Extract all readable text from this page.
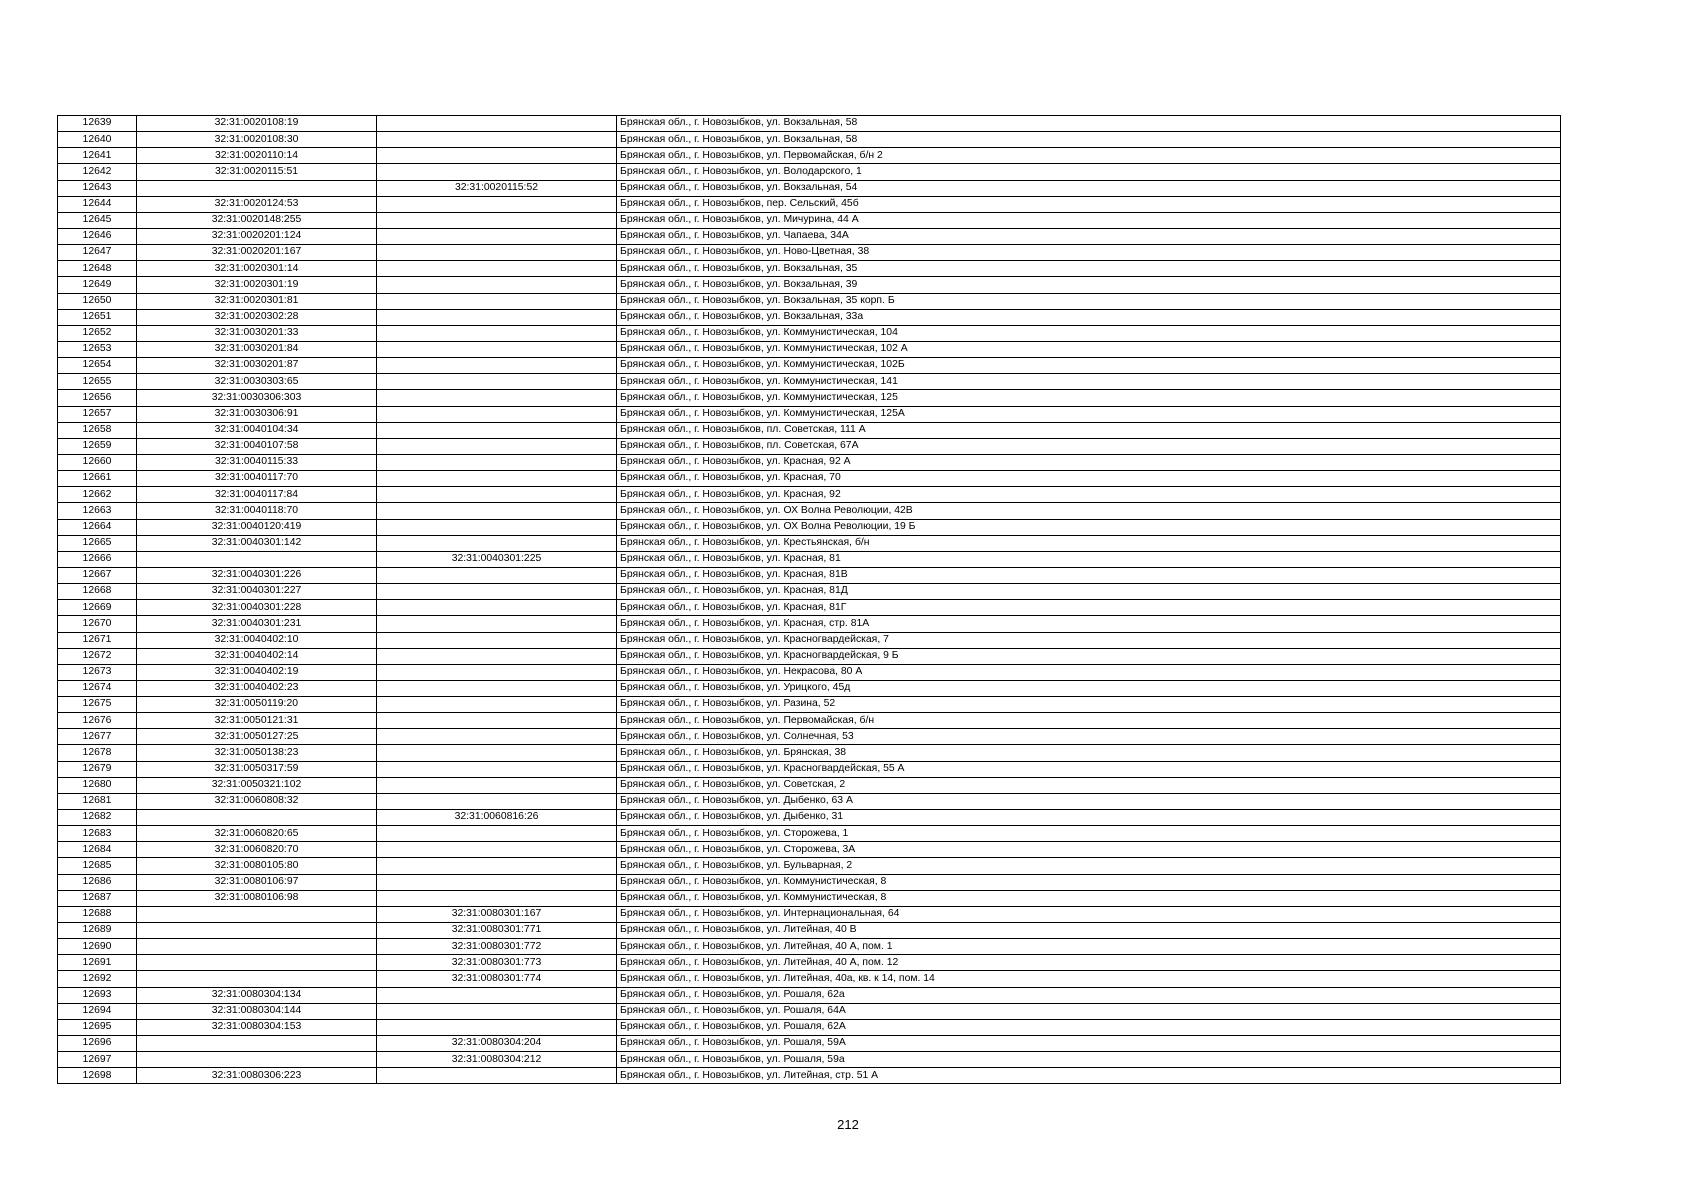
12639	32:31:0020108:19		Брянская обл., г. Новозыбков, ул. Вокзальная, 58
12640	32:31:0020108:30		Брянская обл., г. Новозыбков, ул. Вокзальная, 58
12641	32:31:0020110:14		Брянская обл., г. Новозыбков, ул. Первомайская, б/н 2
12642	32:31:0020115:51		Брянская обл., г. Новозыбков, ул. Володарского, 1
12643		32:31:0020115:52	Брянская обл., г. Новозыбков, ул. Вокзальная, 54
12644	32:31:0020124:53		Брянская обл., г. Новозыбков, пер. Сельский, 45б
12645	32:31:0020148:255		Брянская обл., г. Новозыбков, ул. Мичурина, 44 А
12646	32:31:0020201:124		Брянская обл., г. Новозыбков, ул. Чапаева, 34А
12647	32:31:0020201:167		Брянская обл., г. Новозыбков, ул. Ново-Цветная, 38
12648	32:31:0020301:14		Брянская обл., г. Новозыбков, ул. Вокзальная, 35
12649	32:31:0020301:19		Брянская обл., г. Новозыбков, ул. Вокзальная, 39
12650	32:31:0020301:81		Брянская обл., г. Новозыбков, ул. Вокзальная, 35 корп. Б
12651	32:31:0020302:28		Брянская обл., г. Новозыбков, ул. Вокзальная, 33а
12652	32:31:0030201:33		Брянская обл., г. Новозыбков, ул. Коммунистическая, 104
12653	32:31:0030201:84		Брянская обл., г. Новозыбков, ул. Коммунистическая, 102 А
12654	32:31:0030201:87		Брянская обл., г. Новозыбков, ул. Коммунистическая, 102Б
12655	32:31:0030303:65		Брянская обл., г. Новозыбков, ул. Коммунистическая, 141
12656	32:31:0030306:303		Брянская обл., г. Новозыбков, ул. Коммунистическая, 125
12657	32:31:0030306:91		Брянская обл., г. Новозыбков, ул. Коммунистическая, 125А
12658	32:31:0040104:34		Брянская обл., г. Новозыбков, пл. Советская, 111 А
12659	32:31:0040107:58		Брянская обл., г. Новозыбков, пл. Советская, 67А
12660	32:31:0040115:33		Брянская обл., г. Новозыбков, ул. Красная, 92 А
12661	32:31:0040117:70		Брянская обл., г. Новозыбков, ул. Красная, 70
12662	32:31:0040117:84		Брянская обл., г. Новозыбков, ул. Красная, 92
12663	32:31:0040118:70		Брянская обл., г. Новозыбков, ул. ОХ Волна Революции, 42В
12664	32:31:0040120:419		Брянская обл., г. Новозыбков, ул. ОХ Волна Революции, 19 Б
12665	32:31:0040301:142		Брянская обл., г. Новозыбков, ул. Крестьянская, б/н
12666		32:31:0040301:225	Брянская обл., г. Новозыбков, ул. Красная, 81
12667	32:31:0040301:226		Брянская обл., г. Новозыбков, ул. Красная, 81В
12668	32:31:0040301:227		Брянская обл., г. Новозыбков, ул. Красная, 81Д
12669	32:31:0040301:228		Брянская обл., г. Новозыбков, ул. Красная, 81Г
12670	32:31:0040301:231		Брянская обл., г. Новозыбков, ул. Красная, стр. 81А
12671	32:31:0040402:10		Брянская обл., г. Новозыбков, ул. Красногвардейская, 7
12672	32:31:0040402:14		Брянская обл., г. Новозыбков, ул. Красногвардейская, 9 Б
12673	32:31:0040402:19		Брянская обл., г. Новозыбков, ул. Некрасова, 80 А
12674	32:31:0040402:23		Брянская обл., г. Новозыбков, ул. Урицкого, 45д
12675	32:31:0050119:20		Брянская обл., г. Новозыбков, ул. Разина, 52
12676	32:31:0050121:31		Брянская обл., г. Новозыбков, ул. Первомайская, б/н
12677	32:31:0050127:25		Брянская обл., г. Новозыбков, ул. Солнечная, 53
12678	32:31:0050138:23		Брянская обл., г. Новозыбков, ул. Брянская, 38
12679	32:31:0050317:59		Брянская обл., г. Новозыбков, ул. Красногвардейская, 55 А
12680	32:31:0050321:102		Брянская обл., г. Новозыбков, ул. Советская, 2
12681	32:31:0060808:32		Брянская обл., г. Новозыбков, ул. Дыбенко, 63 А
12682		32:31:0060816:26	Брянская обл., г. Новозыбков, ул. Дыбенко, 31
12683	32:31:0060820:65		Брянская обл., г. Новозыбков, ул. Сторожева, 1
12684	32:31:0060820:70		Брянская обл., г. Новозыбков, ул. Сторожева, 3А
12685	32:31:0080105:80		Брянская обл., г. Новозыбков, ул. Бульварная, 2
12686	32:31:0080106:97		Брянская обл., г. Новозыбков, ул. Коммунистическая, 8
12687	32:31:0080106:98		Брянская обл., г. Новозыбков, ул. Коммунистическая, 8
12688		32:31:0080301:167	Брянская обл., г. Новозыбков, ул. Интернациональная, 64
12689		32:31:0080301:771	Брянская обл., г. Новозыбков, ул. Литейная, 40 В
12690		32:31:0080301:772	Брянская обл., г. Новозыбков, ул. Литейная, 40 А, пом. 1
12691		32:31:0080301:773	Брянская обл., г. Новозыбков, ул. Литейная, 40 А, пом. 12
12692		32:31:0080301:774	Брянская обл., г. Новозыбков, ул. Литейная, 40а, кв. к 14, пом. 14
12693	32:31:0080304:134		Брянская обл., г. Новозыбков, ул. Рошаля, 62а
12694	32:31:0080304:144		Брянская обл., г. Новозыбков, ул. Рошаля, 64А
12695	32:31:0080304:153		Брянская обл., г. Новозыбков, ул. Рошаля, 62А
12696		32:31:0080304:204	Брянская обл., г. Новозыбков, ул. Рошаля, 59А
12697		32:31:0080304:212	Брянская обл., г. Новозыбков, ул. Рошаля, 59а
12698	32:31:0080306:223		Брянская обл., г. Новозыбков, ул. Литейная, стр. 51 А
212
